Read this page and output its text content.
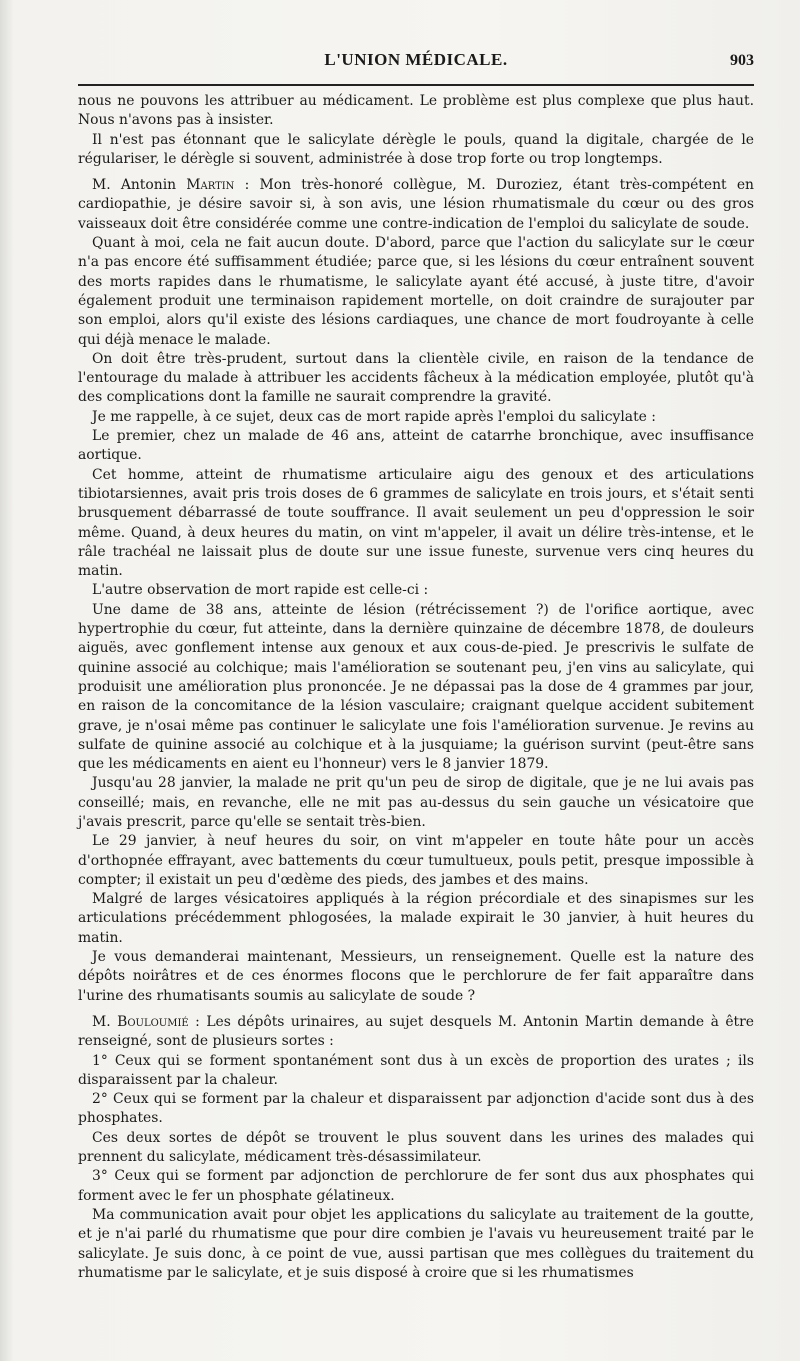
L'UNION MÉDICALE.	903

nous ne pouvons les attribuer au médicament. Le problème est plus complexe que plus haut. Nous n'avons pas à insister.

Il n'est pas étonnant que le salicylate dérègle le pouls, quand la digitale, chargée de le régulariser, le dérègle si souvent, administrée à dose trop forte ou trop longtemps.

M. Antonin Martin : Mon très-honoré collègue, M. Duroziez, étant très-compétent en cardiopathie, je désire savoir si, à son avis, une lésion rhumatismale du cœur ou des gros vaisseaux doit être considérée comme une contre-indication de l'emploi du salicylate de soude.

Quant à moi, cela ne fait aucun doute. D'abord, parce que l'action du salicylate sur le cœur n'a pas encore été suffisamment étudiée; parce que, si les lésions du cœur entraînent souvent des morts rapides dans le rhumatisme, le salicylate ayant été accusé, à juste titre, d'avoir également produit une terminaison rapidement mortelle, on doit craindre de surajouter par son emploi, alors qu'il existe des lésions cardiaques, une chance de mort foudroyante à celle qui déjà menace le malade.

On doit être très-prudent, surtout dans la clientèle civile, en raison de la tendance de l'entourage du malade à attribuer les accidents fâcheux à la médication employée, plutôt qu'à des complications dont la famille ne saurait comprendre la gravité.

Je me rappelle, à ce sujet, deux cas de mort rapide après l'emploi du salicylate :

Le premier, chez un malade de 46 ans, atteint de catarrhe bronchique, avec insuffisance aortique.

Cet homme, atteint de rhumatisme articulaire aigu des genoux et des articulations tibiotarsiennes, avait pris trois doses de 6 grammes de salicylate en trois jours, et s'était senti brusquement débarrassé de toute souffrance. Il avait seulement un peu d'oppression le soir même. Quand, à deux heures du matin, on vint m'appeler, il avait un délire très-intense, et le râle trachéal ne laissait plus de doute sur une issue funeste, survenue vers cinq heures du matin.

L'autre observation de mort rapide est celle-ci :

Une dame de 38 ans, atteinte de lésion (rétrécissement ?) de l'orifice aortique, avec hypertrophie du cœur, fut atteinte, dans la dernière quinzaine de décembre 1878, de douleurs aiguës, avec gonflement intense aux genoux et aux cous-de-pied. Je prescrivis le sulfate de quinine associé au colchique; mais l'amélioration se soutenant peu, j'en vins au salicylate, qui produisit une amélioration plus prononcée. Je ne dépassai pas la dose de 4 grammes par jour, en raison de la concomitance de la lésion vasculaire; craignant quelque accident subitement grave, je n'osai même pas continuer le salicylate une fois l'amélioration survenue. Je revins au sulfate de quinine associé au colchique et à la jusquiame; la guérison survint (peut-être sans que les médicaments en aient eu l'honneur) vers le 8 janvier 1879.

Jusqu'au 28 janvier, la malade ne prit qu'un peu de sirop de digitale, que je ne lui avais pas conseillé; mais, en revanche, elle ne mit pas au-dessus du sein gauche un vésicatoire que j'avais prescrit, parce qu'elle se sentait très-bien.

Le 29 janvier, à neuf heures du soir, on vint m'appeler en toute hâte pour un accès d'orthopnée effrayant, avec battements du cœur tumultueux, pouls petit, presque impossible à compter; il existait un peu d'œdème des pieds, des jambes et des mains.

Malgré de larges vésicatoires appliqués à la région précordiale et des sinapismes sur les articulations précédemment phlogosées, la malade expirait le 30 janvier, à huit heures du matin.

Je vous demanderai maintenant, Messieurs, un renseignement. Quelle est la nature des dépôts noirâtres et de ces énormes flocons que le perchlorure de fer fait apparaître dans l'urine des rhumatisants soumis au salicylate de soude ?

M. Bouloumié : Les dépôts urinaires, au sujet desquels M. Antonin Martin demande à être renseigné, sont de plusieurs sortes :

1° Ceux qui se forment spontanément sont dus à un excès de proportion des urates ; ils disparaissent par la chaleur.

2° Ceux qui se forment par la chaleur et disparaissent par adjonction d'acide sont dus à des phosphates.

Ces deux sortes de dépôt se trouvent le plus souvent dans les urines des malades qui prennent du salicylate, médicament très-désassimilateur.

3° Ceux qui se forment par adjonction de perchlorure de fer sont dus aux phosphates qui forment avec le fer un phosphate gélatineux.

Ma communication avait pour objet les applications du salicylate au traitement de la goutte, et je n'ai parlé du rhumatisme que pour dire combien je l'avais vu heureusement traité par le salicylate. Je suis donc, à ce point de vue, aussi partisan que mes collègues du traitement du rhumatisme par le salicylate, et je suis disposé à croire que si les rhumatismes
